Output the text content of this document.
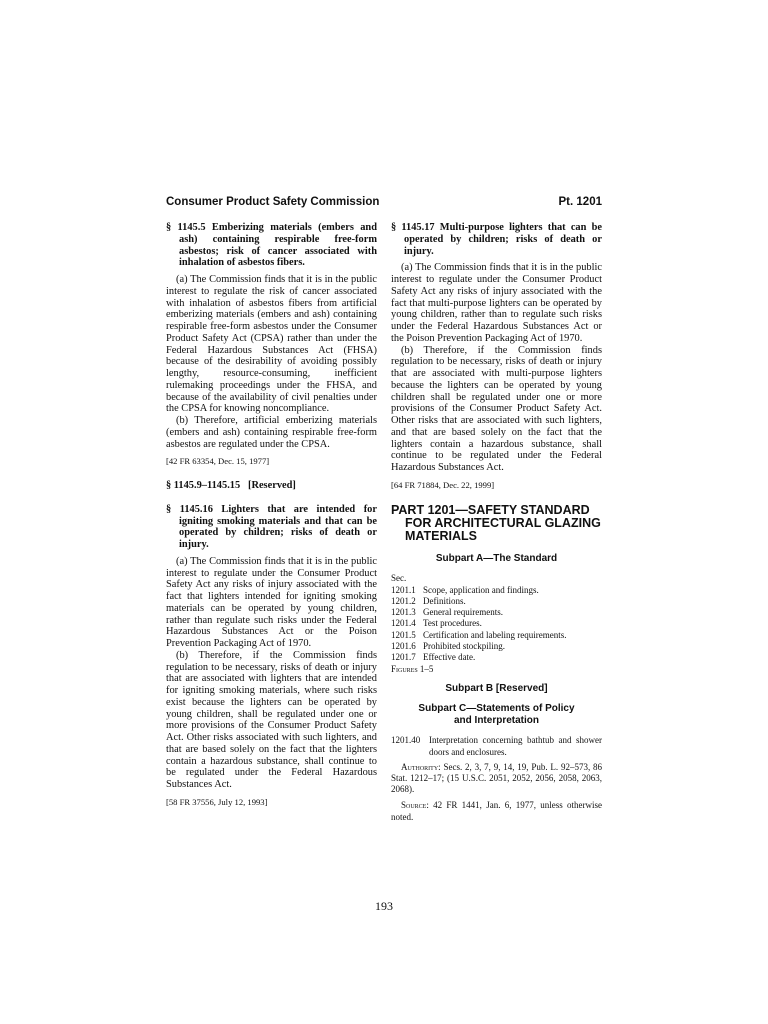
Consumer Product Safety Commission	Pt. 1201
§ 1145.5 Emberizing materials (embers and ash) containing respirable free-form asbestos; risk of cancer associated with inhalation of asbestos fibers.

(a) The Commission finds that it is in the public interest to regulate the risk of cancer associated with inhalation of asbestos fibers from artificial emberizing materials (embers and ash) containing respirable free-form asbestos under the Consumer Product Safety Act (CPSA) rather than under the Federal Hazardous Substances Act (FHSA) because of the desirability of avoiding possibly lengthy, resource-consuming, inefficient rulemaking proceedings under the FHSA, and because of the availability of civil penalties under the CPSA for knowing noncompliance.

(b) Therefore, artificial emberizing materials (embers and ash) containing respirable free-form asbestos are regulated under the CPSA.

[42 FR 63354, Dec. 15, 1977]
§ 1145.9–1145.15 [Reserved]
§ 1145.16 Lighters that are intended for igniting smoking materials and that can be operated by children; risks of death or injury.

(a) The Commission finds that it is in the public interest to regulate under the Consumer Product Safety Act any risks of injury associated with the fact that lighters intended for igniting smoking materials can be operated by young children, rather than regulate such risks under the Federal Hazardous Substances Act or the Poison Prevention Packaging Act of 1970.

(b) Therefore, if the Commission finds regulation to be necessary, risks of death or injury that are associated with lighters that are intended for igniting smoking materials, where such risks exist because the lighters can be operated by young children, shall be regulated under one or more provisions of the Consumer Product Safety Act. Other risks associated with such lighters, and that are based solely on the fact that the lighters contain a hazardous substance, shall continue to be regulated under the Federal Hazardous Substances Act.

[58 FR 37556, July 12, 1993]
§ 1145.17 Multi-purpose lighters that can be operated by children; risks of death or injury.

(a) The Commission finds that it is in the public interest to regulate under the Consumer Product Safety Act any risks of injury associated with the fact that multi-purpose lighters can be operated by young children, rather than to regulate such risks under the Federal Hazardous Substances Act or the Poison Prevention Packaging Act of 1970.

(b) Therefore, if the Commission finds regulation to be necessary, risks of death or injury that are associated with multi-purpose lighters because the lighters can be operated by young children shall be regulated under one or more provisions of the Consumer Product Safety Act. Other risks that are associated with such lighters, and that are based solely on the fact that the lighters contain a hazardous substance, shall continue to be regulated under the Federal Hazardous Substances Act.

[64 FR 71884, Dec. 22, 1999]
PART 1201—SAFETY STANDARD FOR ARCHITECTURAL GLAZING MATERIALS
Subpart A—The Standard
Sec.
1201.1 Scope, application and findings.
1201.2 Definitions.
1201.3 General requirements.
1201.4 Test procedures.
1201.5 Certification and labeling requirements.
1201.6 Prohibited stockpiling.
1201.7 Effective date.
Figures 1–5
Subpart B [Reserved]
Subpart C—Statements of Policy and Interpretation
1201.40 Interpretation concerning bathtub and shower doors and enclosures.
Authority: Secs. 2, 3, 7, 9, 14, 19, Pub. L. 92–573, 86 Stat. 1212–17; (15 U.S.C. 2051, 2052, 2056, 2058, 2063, 2068).
Source: 42 FR 1441, Jan. 6, 1977, unless otherwise noted.
193
